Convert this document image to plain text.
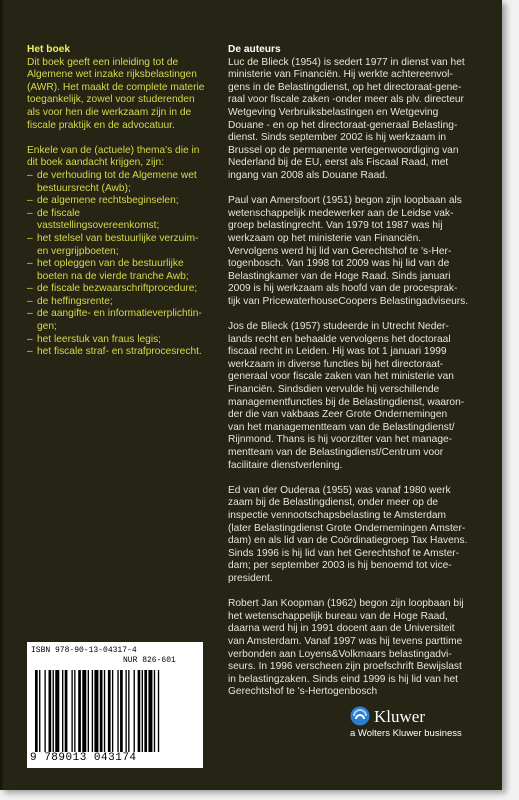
Het boek

Dit boek geeft een inleiding tot de
Algemene wet inzake rijksbelastingen
(AWR). Het maakt de complete materie
toegankelijk, zowel voor studerenden
als voor hen die werkzaam zijn in de
fiscale praktijk en de advocatuur.
Enkele van de (actuele) thema's die in
dit boek aandacht krijgen, zijn:
– de verhouding tot de Algemene wet
bestuursrecht (Awb);
– de algemene rechtsbeginselen;
– de fiscale vaststellingsovereenkomst;
– het stelsel van bestuurlijke verzuim-
en vergrijpboeten;
– het opleggen van de bestuurlijke
boeten na de vierde tranche Awb;
– de fiscale bezwaarschriftprocedure;
– de heffingsrente;
– de aangifte- en informatieverplichtin-
gen;
– het leerstuk van fraus legis;
– het fiscale straf- en strafprocesrecht.

De auteurs

Luc de Blieck (1954) is sedert 1977 in dienst van het
ministerie van Financiën. Hij werkte achtereenvol-
gens in de Belastingdienst, op het directoraat-gene-
raal voor fiscale zaken -onder meer als plv. directeur
Wetgeving Verbruiksbelastingen en Wetgeving
Douane - en op het directoraat-generaal Belasting-
dienst. Sinds september 2002 is hij werkzaam in
Brussel op de permanente vertegenwoordiging van
Nederland bij de EU, eerst als Fiscaal Raad, met
ingang van 2008 als Douane Raad.
Paul van Amersfoort (1951) begon zijn loopbaan als
wetenschappelijk medewerker aan de Leidse vak-
groep belastingrecht. Van 1979 tot 1987 was hij
werkzaam op het ministerie van Financiën.
Vervolgens werd hij lid van Gerechtshof te 's-Her-
togenbosch. Van 1998 tot 2009 was hij lid van de
Belastingkamer van de Hoge Raad. Sinds januari
2009 is hij werkzaam als hoofd van de procesprak-
tijk van PricewaterhouseCoopers Belastingadviseurs.
Jos de Blieck (1957) studeerde in Utrecht Neder-
lands recht en behaalde vervolgens het doctoraal
fiscaal recht in Leiden. Hij was tot 1 januari 1999
werkzaam in diverse functies bij het directoraat-
generaal voor fiscale zaken van het ministerie van
Financiën. Sindsdien vervulde hij verschillende
managementfuncties bij de Belastingdienst, waaron-
der die van vakbaas Zeer Grote Ondernemingen
van het managementteam van de Belastingdienst/
Rijnmond. Thans is hij voorzitter van het manage-
mentteam van de Belastingdienst/Centrum voor
facilitaire dienstverlening.
Ed van der Ouderaa (1955) was vanaf 1980 werk
zaam bij de Belastingdienst, onder meer op de
inspectie vennootschapsbelasting te Amsterdam
(later Belastingdienst Grote Ondernemingen Amster-
dam) en als lid van de Coördinatiegroep Tax Havens.
Sinds 1996 is hij lid van het Gerechtshof te Amster-
dam; per september 2003 is hij benoemd tot vice-
president.
Robert Jan Koopman (1962) begon zijn loopbaan bij
het wetenschappelijk bureau van de Hoge Raad,
daarna werd hij in 1991 docent aan de Universiteit
van Amsterdam. Vanaf 1997 was hij tevens parttime
verbonden aan Loyens&Volkmaars belastingadvi-
seurs. In 1996 verscheen zijn proefschrift Bewijslast
in belastingzaken. Sinds eind 1999 is hij lid van het
Gerechtshof te 's-Hertogenbosch
ISBN 978-90-13-04317-4
NUR 826-601
9 789013 043174
Kluwer
a Wolters Kluwer business
